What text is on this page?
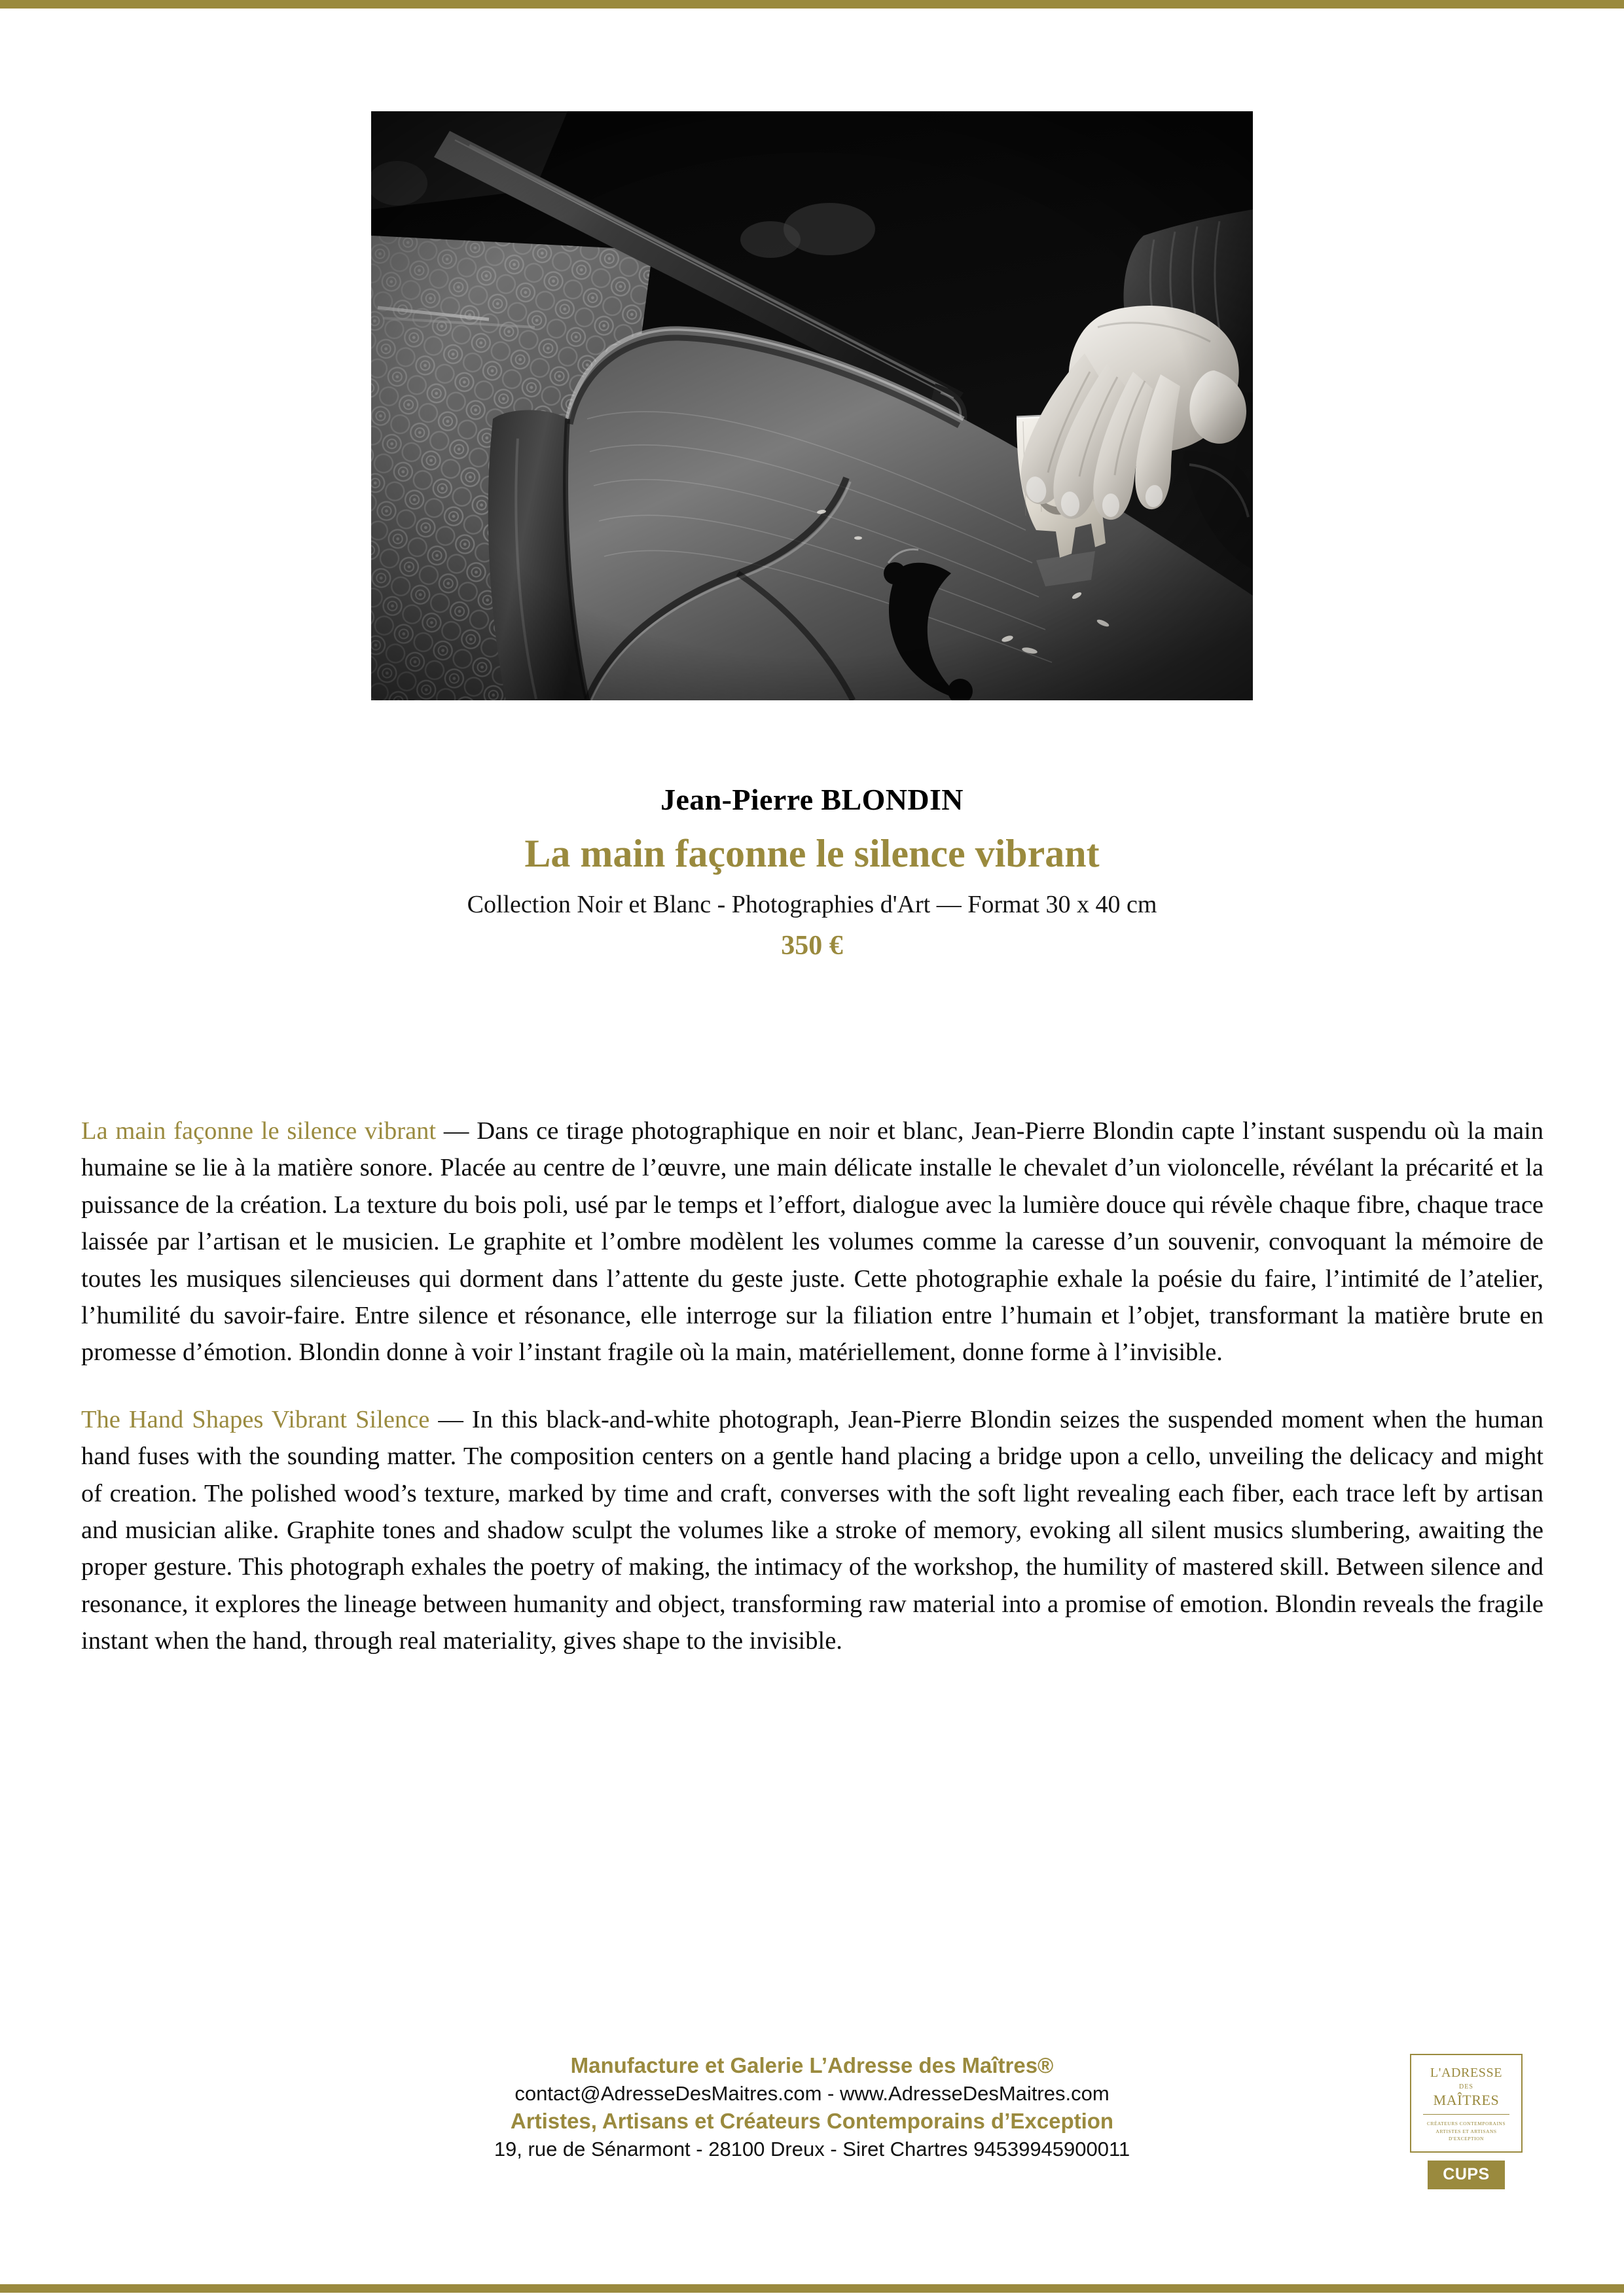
Jean-Pierre BLONDIN
La main façonne le silence vibrant
Collection Noir et Blanc - Photographies d'Art — Format 30 x 40 cm
350 €

La main façonne le silence vibrant — Dans ce tirage photographique en noir et blanc, Jean-Pierre Blondin capte l’instant suspendu où la main humaine se lie à la matière sonore. Placée au centre de l’œuvre, une main délicate installe le chevalet d’un violoncelle, révélant la précarité et la puissance de la création. La texture du bois poli, usé par le temps et l’effort, dialogue avec la lumière douce qui révèle chaque fibre, chaque trace laissée par l’artisan et le musicien. Le graphite et l’ombre modèlent les volumes comme la caresse d’un souvenir, convoquant la mémoire de toutes les musiques silencieuses qui dorment dans l’attente du geste juste. Cette photographie exhale la poésie du faire, l’intimité de l’atelier, l’humilité du savoir-faire. Entre silence et résonance, elle interroge sur la filiation entre l’humain et l’objet, transformant la matière brute en promesse d’émotion. Blondin donne à voir l’instant fragile où la main, matériellement, donne forme à l’invisible.

The Hand Shapes Vibrant Silence — In this black-and-white photograph, Jean-Pierre Blondin seizes the suspended moment when the human hand fuses with the sounding matter. The composition centers on a gentle hand placing a bridge upon a cello, unveiling the delicacy and might of creation. The polished wood’s texture, marked by time and craft, converses with the soft light revealing each fiber, each trace left by artisan and musician alike. Graphite tones and shadow sculpt the volumes like a stroke of memory, evoking all silent musics slumbering, awaiting the proper gesture. This photograph exhales the poetry of making, the intimacy of the workshop, the humility of mastered skill. Between silence and resonance, it explores the lineage between humanity and object, transforming raw material into a promise of emotion. Blondin reveals the fragile instant when the hand, through real materiality, gives shape to the invisible.

Manufacture et Galerie L’Adresse des Maîtres®
contact@AdresseDesMaitres.com - www.AdresseDesMaitres.com
Artistes, Artisans et Créateurs Contemporains d’Exception
19, rue de Sénarmont - 28100 Dreux - Siret Chartres 94539945900011
L'ADRESSE
DES
MAÎTRES
CRÉATEURS CONTEMPORAINS
ARTISTES ET ARTISANS
D'EXCEPTION
CUPS
